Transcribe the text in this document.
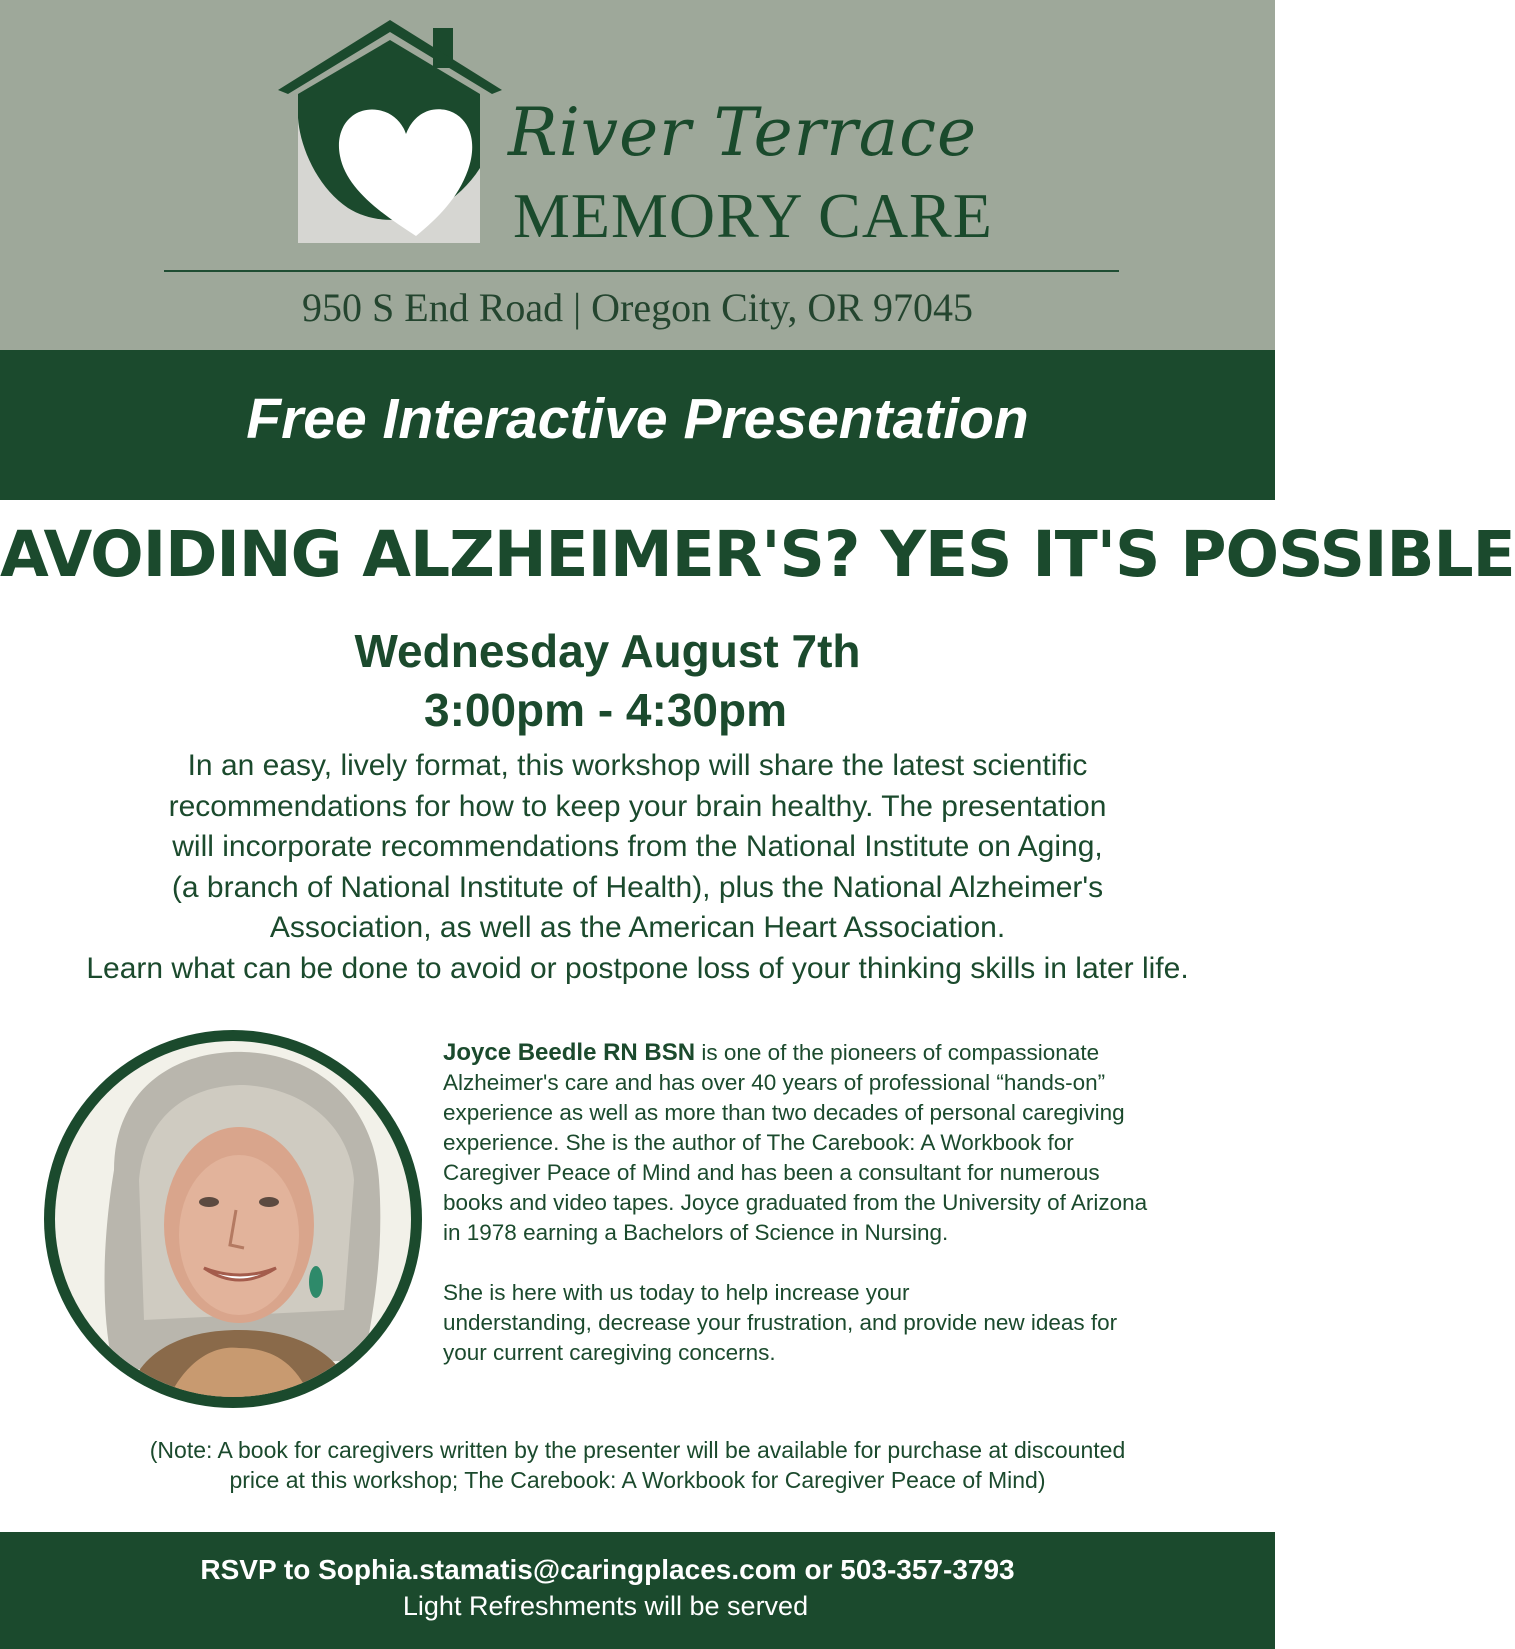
River Terrace
MEMORY CARE
950 S End Road | Oregon City, OR 97045
Free Interactive Presentation
AVOIDING ALZHEIMER'S? YES IT'S POSSIBLE
Wednesday August 7th
3:00pm - 4:30pm
In an easy, lively format, this workshop will share the latest scientific
recommendations for how to keep your brain healthy. The presentation
will incorporate recommendations from the National Institute on Aging,
(a branch of National Institute of Health), plus the National Alzheimer's
Association, as well as the American Heart Association.
Learn what can be done to avoid or postpone loss of your thinking skills in later life.
Joyce Beedle RN BSN is one of the pioneers of compassionate
Alzheimer's care and has over 40 years of professional “hands-on”
experience as well as more than two decades of personal caregiving
experience. She is the author of The Carebook: A Workbook for
Caregiver Peace of Mind and has been a consultant for numerous
books and video tapes. Joyce graduated from the University of Arizona
in 1978 earning a Bachelors of Science in Nursing.
She is here with us today to help increase your
understanding, decrease your frustration, and provide new ideas for
your current caregiving concerns.
(Note: A book for caregivers written by the presenter will be available for purchase at discounted
price at this workshop; The Carebook: A Workbook for Caregiver Peace of Mind)
RSVP to Sophia.stamatis@caringplaces.com or 503-357-3793
Light Refreshments will be served
